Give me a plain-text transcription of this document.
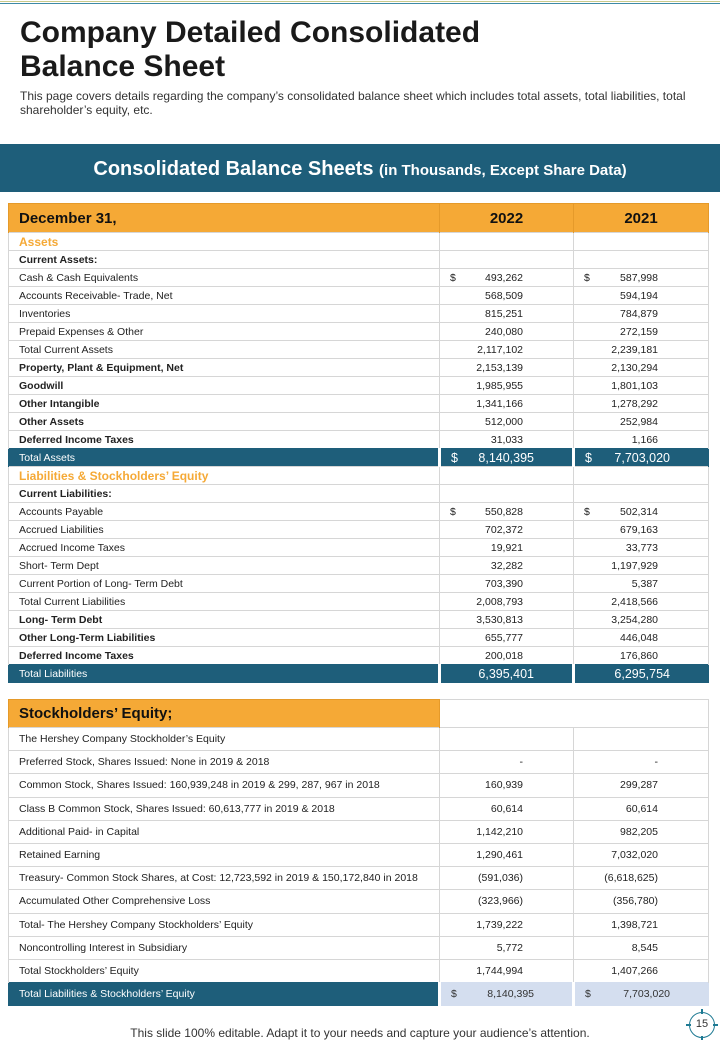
Company Detailed Consolidated Balance Sheet

This page covers details regarding the company’s consolidated balance sheet which includes total assets, total liabilities, total shareholder’s equity, etc.

Consolidated Balance Sheets (in Thousands, Except Share Data)
December 31,	2022	2021
Assets		
Current Assets:		
Cash & Cash Equivalents	$ 493,262	$ 587,998
Accounts Receivable- Trade, Net	568,509	594,194
Inventories	815,251	784,879
Prepaid Expenses & Other	240,080	272,159
Total Current Assets	2,117,102	2,239,181
Property, Plant & Equipment, Net	2,153,139	2,130,294
Goodwill	1,985,955	1,801,103
Other Intangible	1,341,166	1,278,292
Other Assets	512,000	252,984
Deferred Income Taxes	31,033	1,166
Total Assets	$ 8,140,395	$ 7,703,020
Liabilities & Stockholders’ Equity		
Current Liabilities:		
Accounts Payable	$ 550,828	$ 502,314
Accrued Liabilities	702,372	679,163
Accrued Income Taxes	19,921	33,773
Short- Term Dept	32,282	1,197,929
Current Portion of Long- Term Debt	703,390	5,387
Total Current Liabilities	2,008,793	2,418,566
Long- Term Debt	3,530,813	3,254,280
Other Long-Term Liabilities	655,777	446,048
Deferred Income Taxes	200,018	176,860
Total Liabilities	6,395,401	6,295,754
Stockholders’ Equity;		
The Hershey Company Stockholder’s Equity		
Preferred Stock, Shares Issued: None in 2019 & 2018	-	-
Common Stock, Shares Issued: 160,939,248 in 2019 & 299, 287, 967 in 2018	160,939	299,287
Class B Common Stock, Shares Issued: 60,613,777 in 2019 & 2018	60,614	60,614
Additional Paid- in Capital	1,142,210	982,205
Retained Earning	1,290,461	7,032,020
Treasury- Common Stock Shares, at Cost: 12,723,592 in 2019 & 150,172,840 in 2018	(591,036)	(6,618,625)
Accumulated Other Comprehensive Loss	(323,966)	(356,780)
Total- The Hershey Company Stockholders’ Equity	1,739,222	1,398,721
Noncontrolling Interest in Subsidiary	5,772	8,545
Total Stockholders’ Equity	1,744,994	1,407,266
Total Liabilities & Stockholders’ Equity	$ 8,140,395	$ 7,703,020
This slide 100% editable. Adapt it to your needs and capture your audience’s attention.
15
